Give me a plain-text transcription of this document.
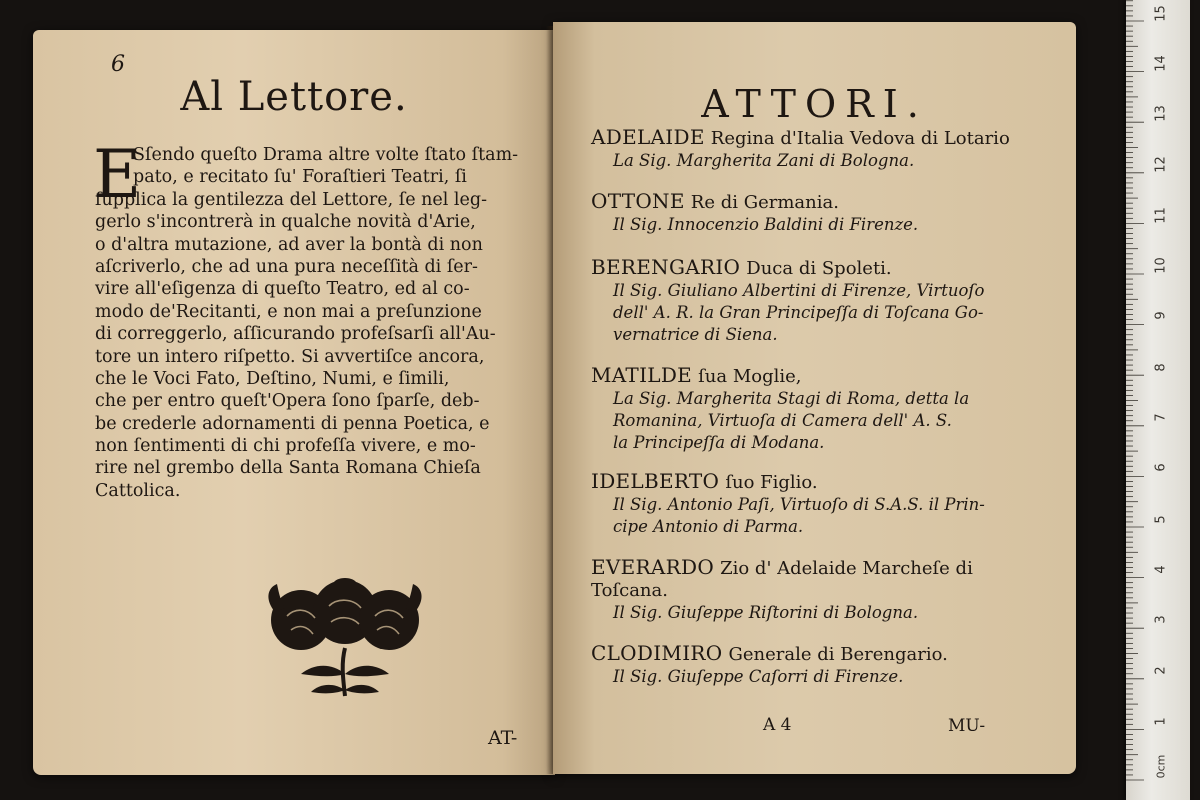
6
Al Lettore.
E
Sſendo queſto Drama altre volte ſtato ſtam-
pato, e recitato ſu' Foraſtieri Teatri, ſi
ſupplica la gentilezza del Lettore, ſe nel leg-
gerlo s'incontrerà in qualche novità d'Arie,
o d'altra mutazione, ad aver la bontà di non
aſcriverlo, che ad una pura neceſſità di ſer-
vire all'eſigenza di queſto Teatro, ed al co-
modo de'Recitanti, e non mai a preſunzione
di correggerlo, aſſicurando profeſsarſi all'Au-
tore un intero riſpetto. Si avvertiſce ancora,
che le Voci Fato, Deſtino, Numi, e ſimili,
che per entro queſt'Opera ſono ſparſe, deb-
be crederle adornamenti di penna Poetica, e
non ſentimenti di chi profeſſa vivere, e mo-
rire nel grembo della Santa Romana Chieſa
Cattolica.
AT-
ATTORI.
ADELAIDE Regina d'Italia Vedova di Lotario
La Sig. Margherita Zani di Bologna.
OTTONE Re di Germania.
Il Sig. Innocenzio Baldini di Firenze.
BERENGARIO Duca di Spoleti.
Il Sig. Giuliano Albertini di Firenze, Virtuoſo
dell' A. R. la Gran Principeſſa di Toſcana Go-
vernatrice di Siena.
MATILDE ſua Moglie,
La Sig. Margherita Stagi di Roma, detta la
Romanina, Virtuoſa di Camera dell' A. S.
la Principeſſa di Modana.
IDELBERTO ſuo Figlio.
Il Sig. Antonio Paſi, Virtuoſo di S.A.S. il Prin-
cipe Antonio di Parma.
EVERARDO Zio d' Adelaide Marcheſe di
Toſcana.
Il Sig. Giuſeppe Riſtorini di Bologna.
CLODIMIRO Generale di Berengario.
Il Sig. Giuſeppe Caſorri di Firenze.
A 4	MU-
15
14
13
12
11
10
9
8
7
6
5
4
3
2
1
0cm
